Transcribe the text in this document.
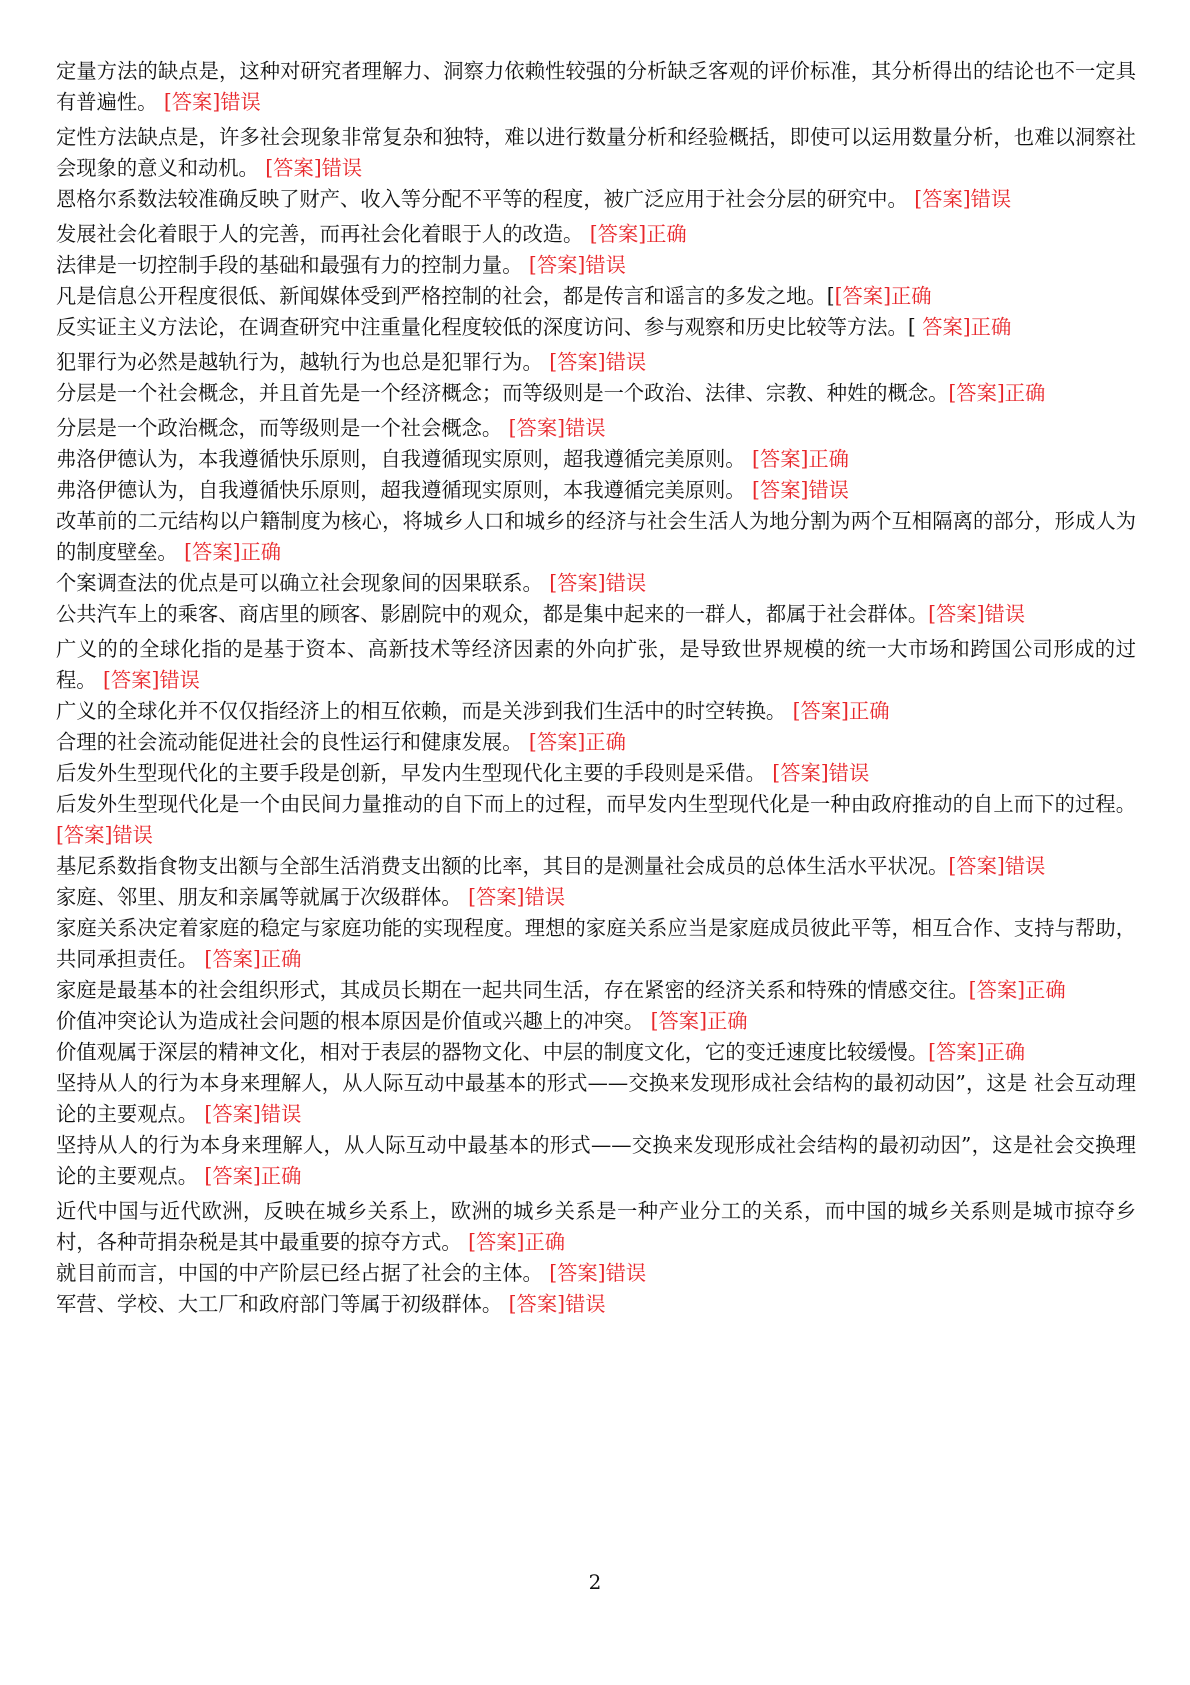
定量方法的缺点是，这种对研究者理解力、洞察力依赖性较强的分析缺乏客观的评价标准，其分析得出的结论也不一定具有普遍性。 [答案]错误

定性方法缺点是，许多社会现象非常复杂和独特，难以进行数量分析和经验概括，即使可以运用数量分析，也难以洞察社会现象的意义和动机。 [答案]错误

恩格尔系数法较准确反映了财产、收入等分配不平等的程度，被广泛应用于社会分层的研究中。 [答案]错误

发展社会化着眼于人的完善，而再社会化着眼于人的改造。 [答案]正确

法律是一切控制手段的基础和最强有力的控制力量。 [答案]错误

凡是信息公开程度很低、新闻媒体受到严格控制的社会，都是传言和谣言的多发之地。[[答案]正确

反实证主义方法论，在调查研究中注重量化程度较低的深度访问、参与观察和历史比较等方法。[ 答案]正确

犯罪行为必然是越轨行为，越轨行为也总是犯罪行为。 [答案]错误

分层是一个社会概念，并且首先是一个经济概念；而等级则是一个政治、法律、宗教、种姓的概念。[答案]正确

分层是一个政治概念，而等级则是一个社会概念。 [答案]错误

弗洛伊德认为，本我遵循快乐原则，自我遵循现实原则，超我遵循完美原则。 [答案]正确

弗洛伊德认为，自我遵循快乐原则，超我遵循现实原则，本我遵循完美原则。 [答案]错误

改革前的二元结构以户籍制度为核心，将城乡人口和城乡的经济与社会生活人为地分割为两个互相隔离的部分，形成人为的制度壁垒。 [答案]正确

个案调查法的优点是可以确立社会现象间的因果联系。 [答案]错误

公共汽车上的乘客、商店里的顾客、影剧院中的观众，都是集中起来的一群人，都属于社会群体。[答案]错误

广义的的全球化指的是基于资本、高新技术等经济因素的外向扩张，是导致世界规模的统一大市场和跨国公司形成的过程。 [答案]错误

广义的全球化并不仅仅指经济上的相互依赖，而是关涉到我们生活中的时空转换。 [答案]正确

合理的社会流动能促进社会的良性运行和健康发展。 [答案]正确

后发外生型现代化的主要手段是创新，早发内生型现代化主要的手段则是采借。 [答案]错误

后发外生型现代化是一个由民间力量推动的自下而上的过程，而早发内生型现代化是一种由政府推动的自上而下的过程。 [答案]错误

基尼系数指食物支出额与全部生活消费支出额的比率，其目的是测量社会成员的总体生活水平状况。[答案]错误

家庭、邻里、朋友和亲属等就属于次级群体。 [答案]错误

家庭关系决定着家庭的稳定与家庭功能的实现程度。理想的家庭关系应当是家庭成员彼此平等，相互合作、支持与帮助，共同承担责任。 [答案]正确

家庭是最基本的社会组织形式，其成员长期在一起共同生活，存在紧密的经济关系和特殊的情感交往。[答案]正确

价值冲突论认为造成社会问题的根本原因是价值或兴趣上的冲突。 [答案]正确

价值观属于深层的精神文化，相对于表层的器物文化、中层的制度文化，它的变迁速度比较缓慢。[答案]正确

坚持从人的行为本身来理解人，从人际互动中最基本的形式——交换来发现形成社会结构的最初动因”，这是 社会互动理论的主要观点。 [答案]错误

坚持从人的行为本身来理解人，从人际互动中最基本的形式——交换来发现形成社会结构的最初动因”，这是社会交换理论的主要观点。 [答案]正确

近代中国与近代欧洲，反映在城乡关系上，欧洲的城乡关系是一种产业分工的关系，而中国的城乡关系则是城市掠夺乡村，各种苛捐杂税是其中最重要的掠夺方式。 [答案]正确

就目前而言，中国的中产阶层已经占据了社会的主体。 [答案]错误

军营、学校、大工厂和政府部门等属于初级群体。 [答案]错误

2
